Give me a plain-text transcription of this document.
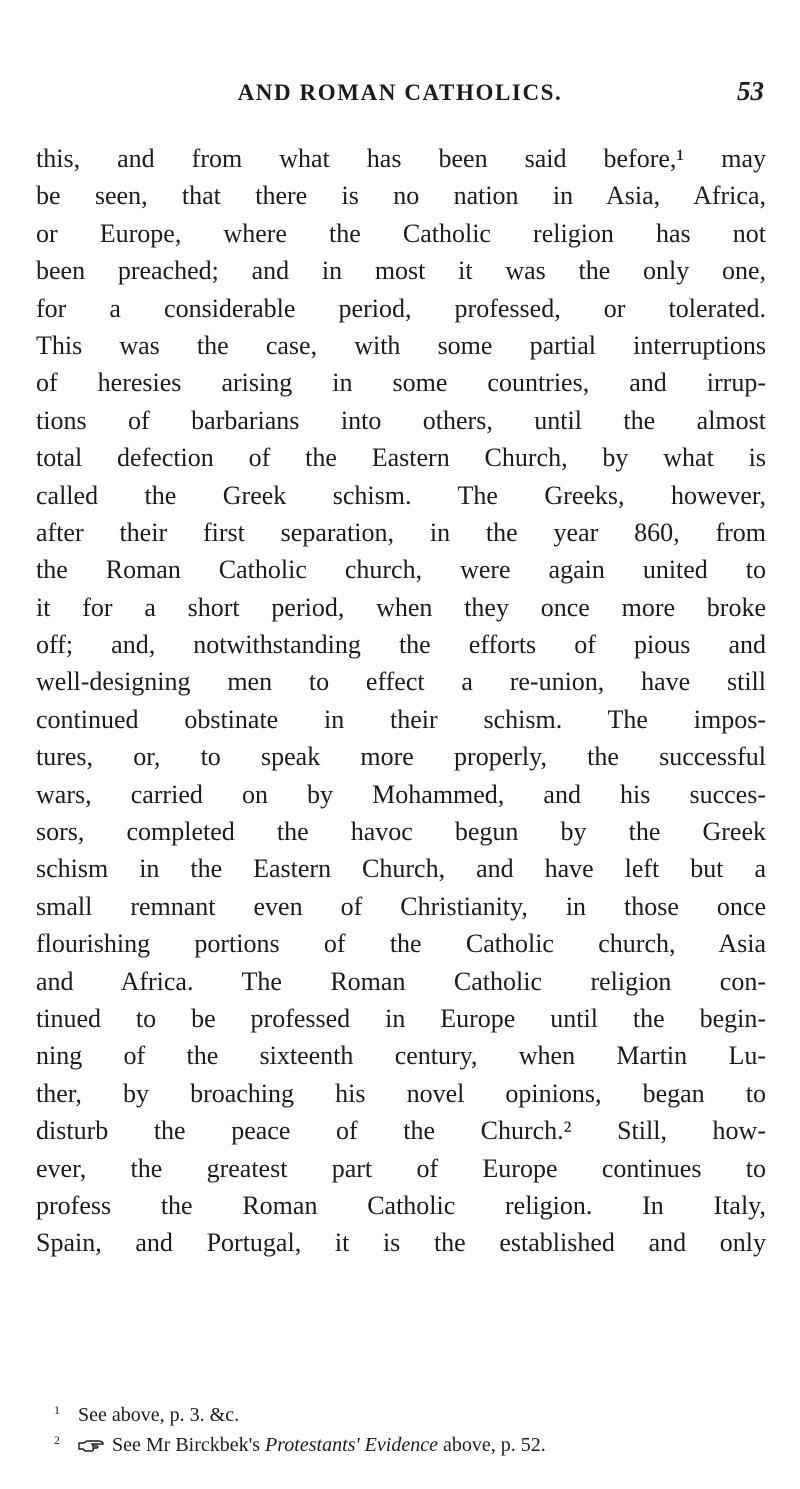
AND ROMAN CATHOLICS.	53
this, and from what has been said before,¹ may
be seen, that there is no nation in Asia, Africa,
or Europe, where the Catholic religion has not
been preached; and in most it was the only one,
for a considerable period, professed, or tolerated.
This was the case, with some partial interruptions
of heresies arising in some countries, and irrup-
tions of barbarians into others, until the almost
total defection of the Eastern Church, by what is
called the Greek schism. The Greeks, however,
after their first separation, in the year 860, from
the Roman Catholic church, were again united to
it for a short period, when they once more broke
off; and, notwithstanding the efforts of pious and
well-designing men to effect a re-union, have still
continued obstinate in their schism. The impos-
tures, or, to speak more properly, the successful
wars, carried on by Mohammed, and his succes-
sors, completed the havoc begun by the Greek
schism in the Eastern Church, and have left but a
small remnant even of Christianity, in those once
flourishing portions of the Catholic church, Asia
and Africa. The Roman Catholic religion con-
tinued to be professed in Europe until the begin-
ning of the sixteenth century, when Martin Lu-
ther, by broaching his novel opinions, began to
disturb the peace of the Church.² Still, how-
ever, the greatest part of Europe continues to
profess the Roman Catholic religion. In Italy,
Spain, and Portugal, it is the established and only
1 See above, p. 3. &c.
2	See Mr Birckbek's Protestants' Evidence above, p. 52.
